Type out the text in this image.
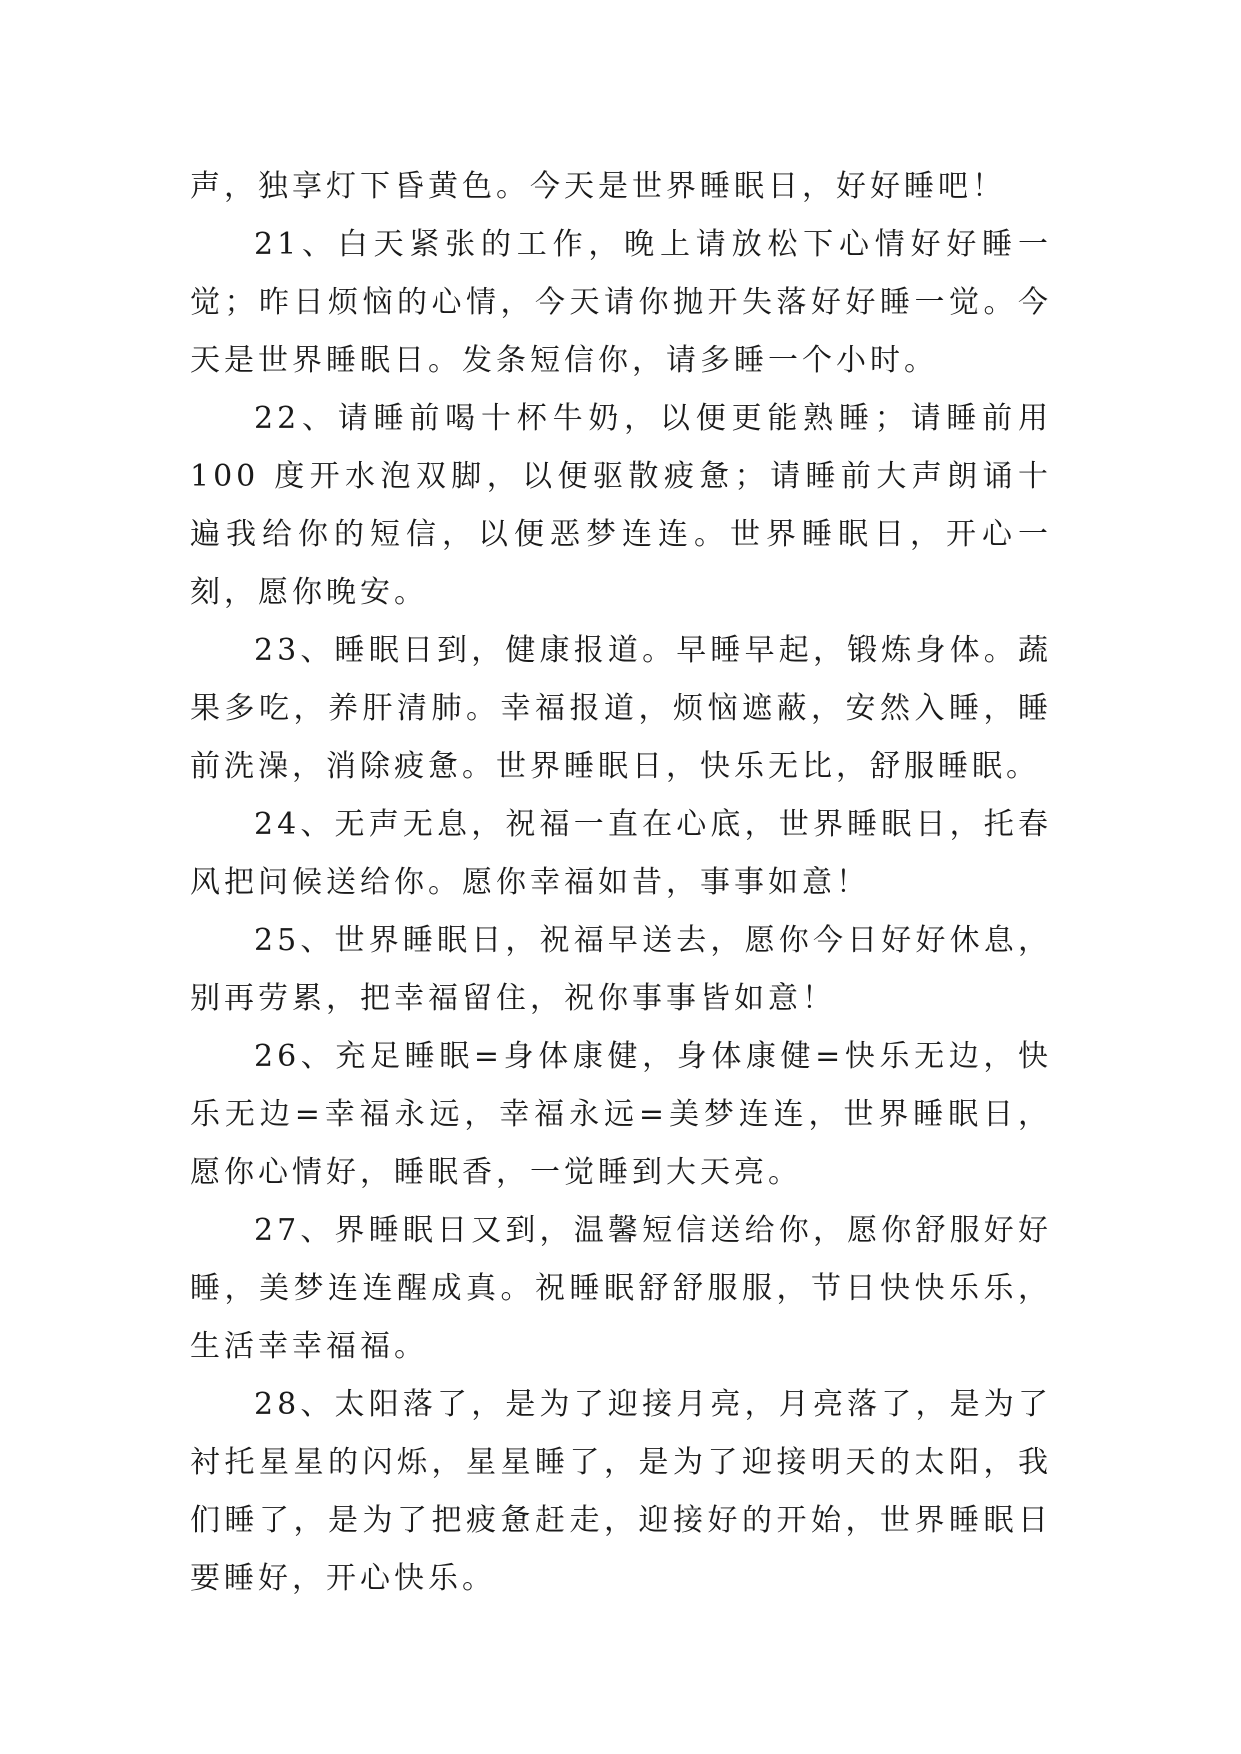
声，独享灯下昏黄色。今天是世界睡眠日，好好睡吧！

21、白天紧张的工作，晚上请放松下心情好好睡一觉；昨日烦恼的心情，今天请你抛开失落好好睡一觉。今天是世界睡眠日。发条短信你，请多睡一个小时。

22、请睡前喝十杯牛奶，以便更能熟睡；请睡前用 100 度开水泡双脚，以便驱散疲惫；请睡前大声朗诵十遍我给你的短信，以便恶梦连连。世界睡眠日，开心一刻，愿你晚安。

23、睡眠日到，健康报道。早睡早起，锻炼身体。蔬果多吃，养肝清肺。幸福报道，烦恼遮蔽，安然入睡，睡前洗澡，消除疲惫。世界睡眠日，快乐无比，舒服睡眠。

24、无声无息，祝福一直在心底，世界睡眠日，托春风把问候送给你。愿你幸福如昔，事事如意！

25、世界睡眠日，祝福早送去，愿你今日好好休息，别再劳累，把幸福留住，祝你事事皆如意！

26、充足睡眠=身体康健，身体康健=快乐无边，快乐无边=幸福永远，幸福永远=美梦连连，世界睡眠日，愿你心情好，睡眠香，一觉睡到大天亮。

27、界睡眠日又到，温馨短信送给你，愿你舒服好好睡，美梦连连醒成真。祝睡眠舒舒服服，节日快快乐乐，生活幸幸福福。

28、太阳落了，是为了迎接月亮，月亮落了，是为了衬托星星的闪烁，星星睡了，是为了迎接明天的太阳，我们睡了，是为了把疲惫赶走，迎接好的开始，世界睡眠日要睡好，开心快乐。
